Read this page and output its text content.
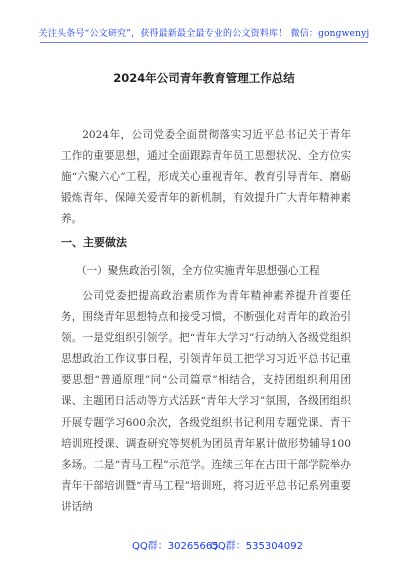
关注头条号“公文研究”，获得最新最全最专业的公文资料库！ 微信：gongwenyj
2024年公司青年教育管理工作总结
2024年，公司党委全面贯彻落实习近平总书记关于青年工作的重要思想，通过全面跟踪青年员工思想状况、全方位实施“六聚六心”工程，形成关心重视青年、教育引导青年、磨砺锻炼青年、保障关爱青年的新机制，有效提升广大青年精神素养。
一、主要做法
（一）聚焦政治引领，全方位实施青年思想强心工程
公司党委把提高政治素质作为青年精神素养提升首要任务，围绕青年思想特点和接受习惯，不断强化对青年的政治引领。一是党组织引领学。把“青年大学习”行动纳入各级党组织思想政治工作议事日程，引领青年员工把学习习近平总书记重要思想“普通原理”同“公司篇章”相结合，支持团组织利用团课、主题团日活动等方式活跃“青年大学习”氛围，各级团组织开展专题学习600余次，各级党组织书记利用专题党课、青干培训班授课、调查研究等契机为团员青年累计做形势辅导100多场。二是“青马工程”示范学。连续三年在古田干部学院举办青年干部培训暨“青马工程”培训班，将习近平总书记系列重要讲话纳
QQ群：30265665
QQ群：535304092
